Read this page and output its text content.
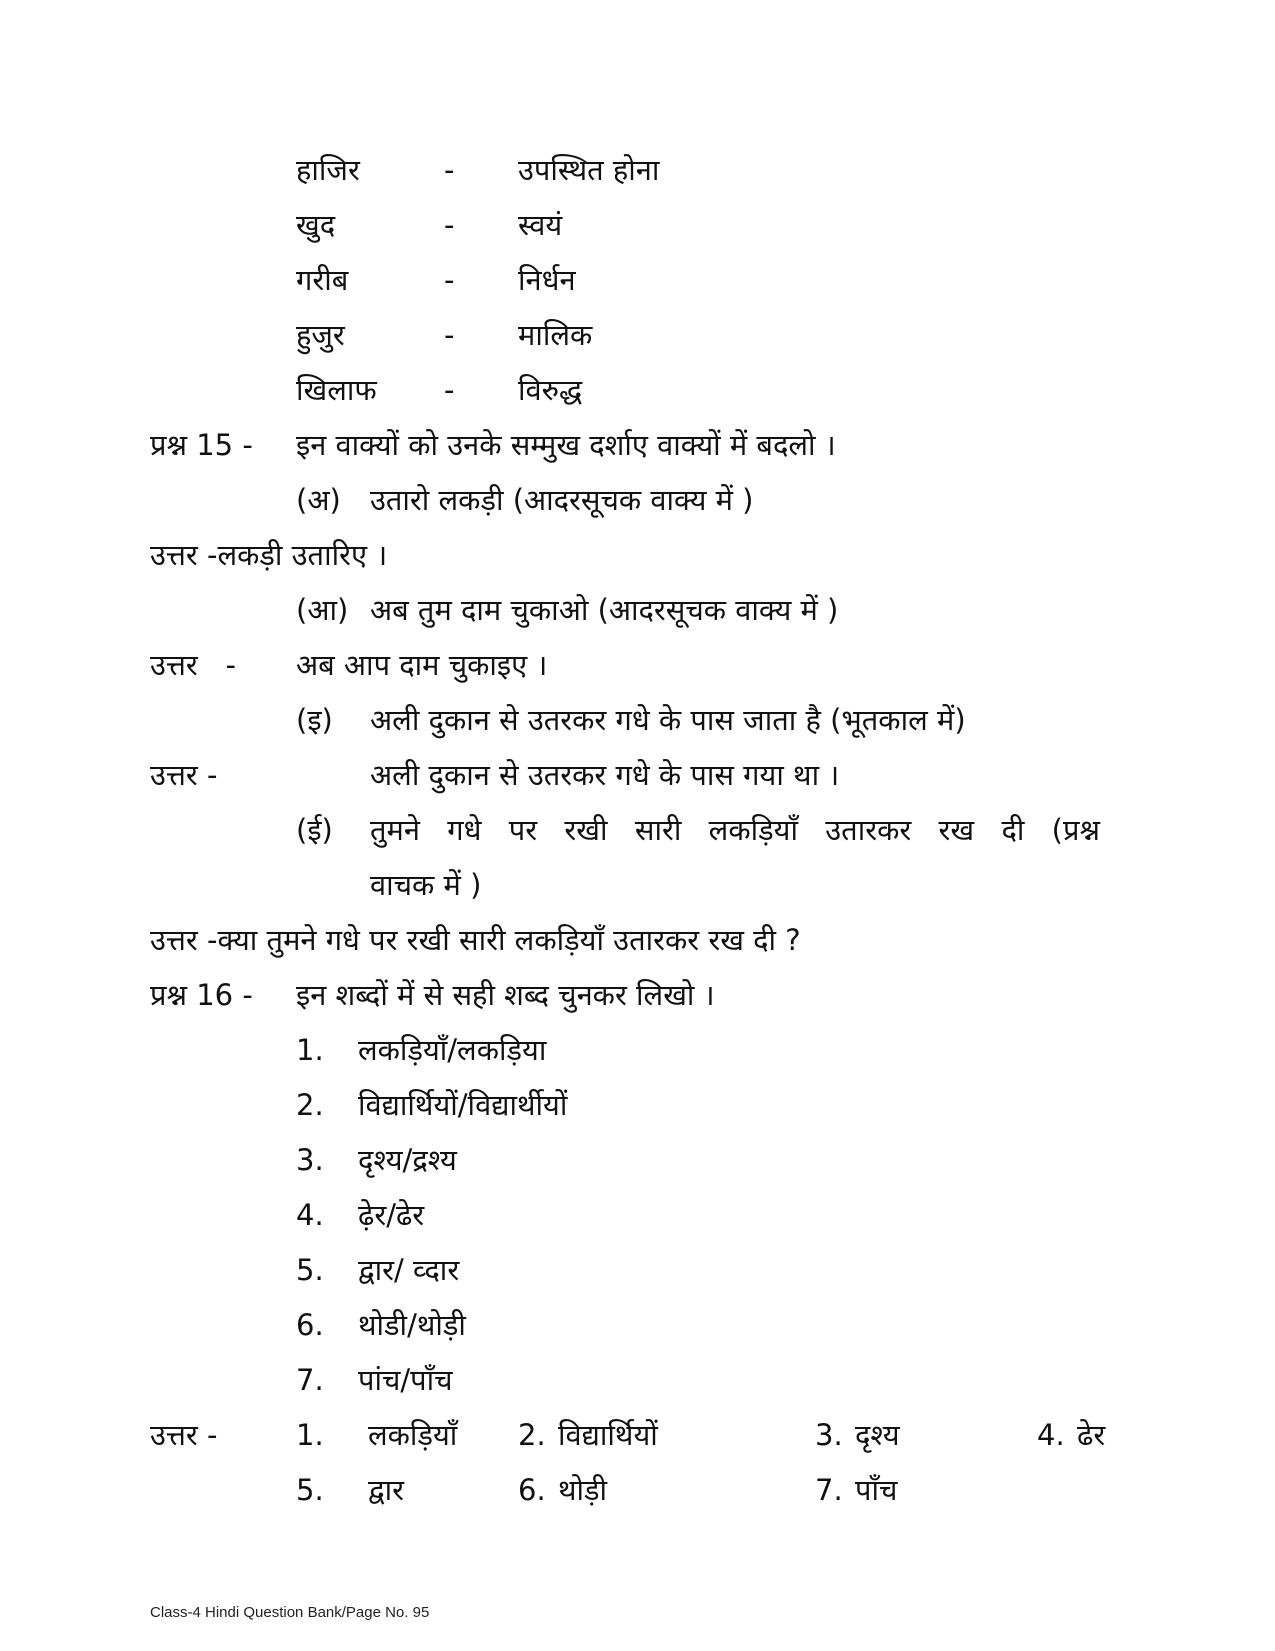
हाजिर	- उपस्थित होना
खुद	- स्वयं
गरीब	- निर्धन
हुजुर	- मालिक
खिलाफ - विरुद्ध
प्रश्न 15 - इन वाक्यों को उनके सम्मुख दर्शाए वाक्यों में बदलो ।
(अ) उतारो लकड़ी (आदरसूचक वाक्य में )
उत्तर -लकड़ी उतारिए ।
(आ) अब तुम दाम चुकाओ (आदरसूचक वाक्य में )
उत्तर   - अब आप दाम चुकाइए ।
(इ) अली दुकान से उतरकर गधे के पास जाता है (भूतकाल में)
उत्तर -	अली दुकान से उतरकर गधे के पास गया था ।
(ई) तुमने गधे पर रखी सारी लकड़ियाँ उतारकर रख दी (प्रश्न
वाचक में )
उत्तर -क्या तुमने गधे पर रखी सारी लकड़ियाँ उतारकर रख दी ?
प्रश्न 16 - इन शब्दों में से सही शब्द चुनकर लिखो ।
1. लकड़ियाँ/लकड़िया
2. विद्यार्थियों/विद्यार्थीयों
3. दृश्य/द्रश्य
4. ढ़ेर/ढेर
5. द्वार/ व्दार
6. थोडी/थोड़ी
7. पांच/पाँच
उत्तर -	1. लकड़ियाँ 2. विद्यार्थियों	3. दृश्य	4. ढेर
5. द्वार	6. थोड़ी	7. पाँच
Class-4 Hindi Question Bank/Page No. 95
